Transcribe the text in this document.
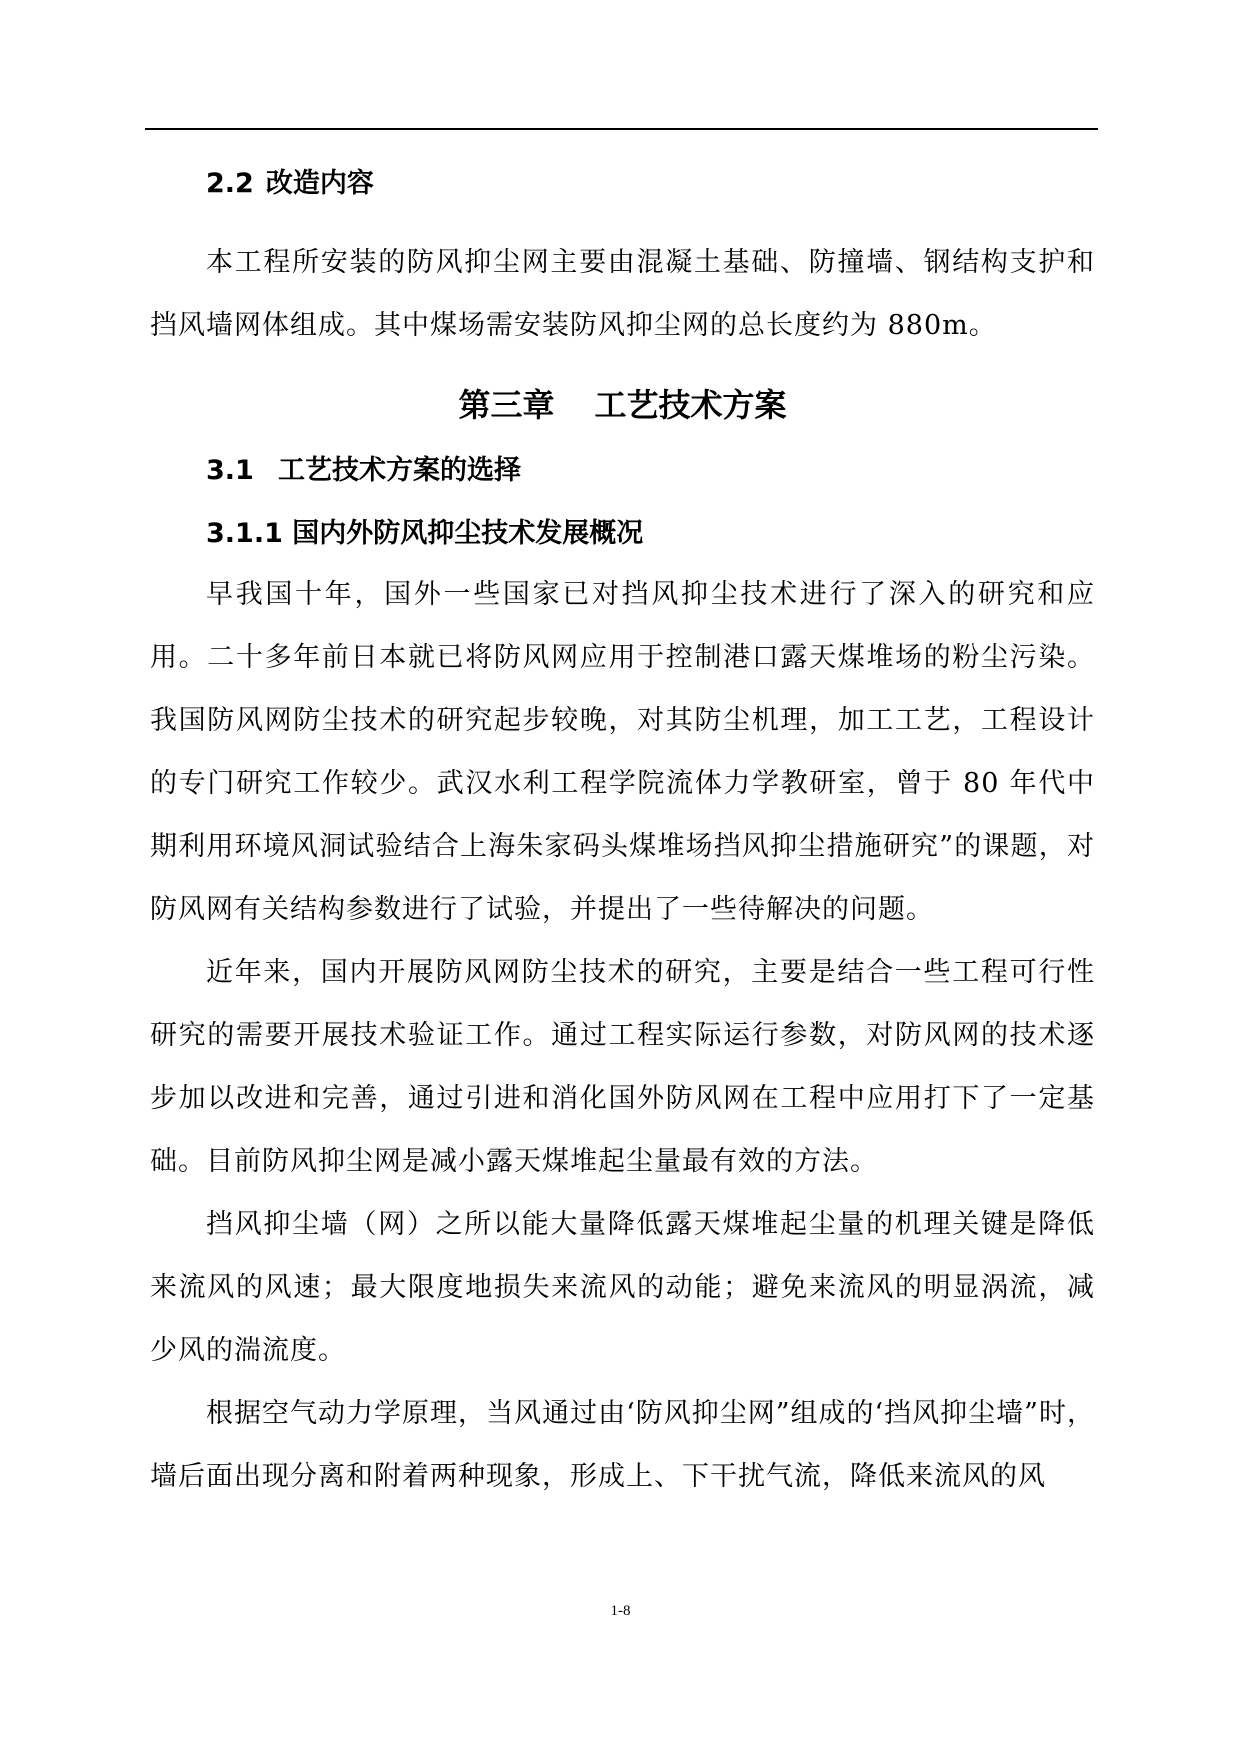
2.2 改造内容

本工程所安装的防风抑尘网主要由混凝土基础、防撞墙、钢结构支护和挡风墙网体组成。其中煤场需安装防风抑尘网的总长度约为 880m。

第三章 工艺技术方案
3.1 工艺技术方案的选择
3.1.1 国内外防风抑尘技术发展概况

早我国十年，国外一些国家已对挡风抑尘技术进行了深入的研究和应用。二十多年前日本就已将防风网应用于控制港口露天煤堆场的粉尘污染。我国防风网防尘技术的研究起步较晚，对其防尘机理，加工工艺，工程设计的专门研究工作较少。武汉水利工程学院流体力学教研室，曾于 80 年代中期利用环境风洞试验结合上海朱家码头煤堆场挡风抑尘措施研究”的课题，对防风网有关结构参数进行了试验，并提出了一些待解决的问题。

近年来，国内开展防风网防尘技术的研究，主要是结合一些工程可行性研究的需要开展技术验证工作。通过工程实际运行参数，对防风网的技术逐步加以改进和完善，通过引进和消化国外防风网在工程中应用打下了一定基础。目前防风抑尘网是减小露天煤堆起尘量最有效的方法。

挡风抑尘墙（网）之所以能大量降低露天煤堆起尘量的机理关键是降低来流风的风速；最大限度地损失来流风的动能；避免来流风的明显涡流，减少风的湍流度。

根据空气动力学原理，当风通过由‘防风抑尘网”组成的‘挡风抑尘墙”时，墙后面出现分离和附着两种现象，形成上、下干扰气流，降低来流风的风

1-8
